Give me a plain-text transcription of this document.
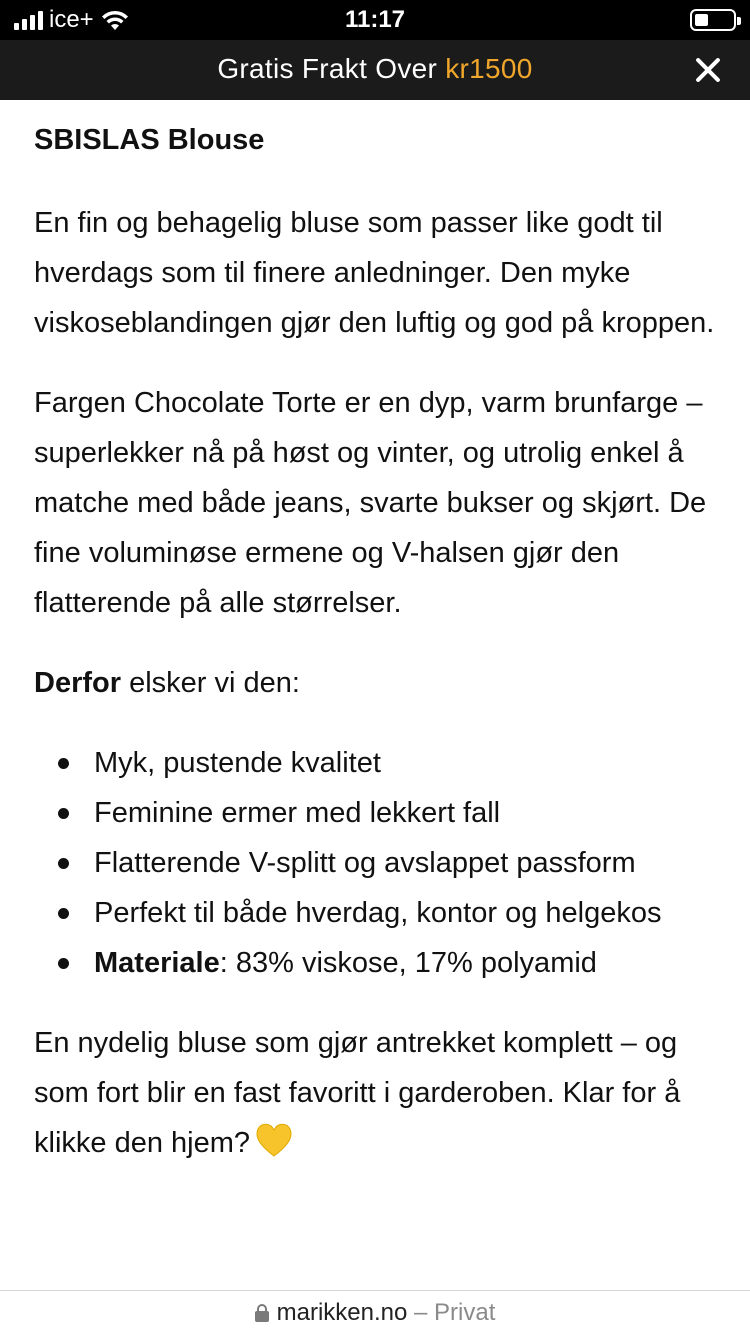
ice+	11:17
Gratis Frakt Over kr1500
SBISLAS Blouse

En fin og behagelig bluse som passer like godt til hverdags som til finere anledninger. Den myke viskoseblandingen gjør den luftig og god på kroppen.

Fargen Chocolate Torte er en dyp, varm brunfarge – superlekker nå på høst og vinter, og utrolig enkel å matche med både jeans, svarte bukser og skjørt. De fine voluminøse ermene og V-halsen gjør den flatterende på alle størrelser.

Derfor elsker vi den:

Myk, pustende kvalitet
Feminine ermer med lekkert fall
Flatterende V-splitt og avslappet passform
Perfekt til både hverdag, kontor og helgekos
Materiale: 83% viskose, 17% polyamid

En nydelig bluse som gjør antrekket komplett – og som fort blir en fast favoritt i garderoben. Klar for å klikke den hjem?

marikken.no – Privat
